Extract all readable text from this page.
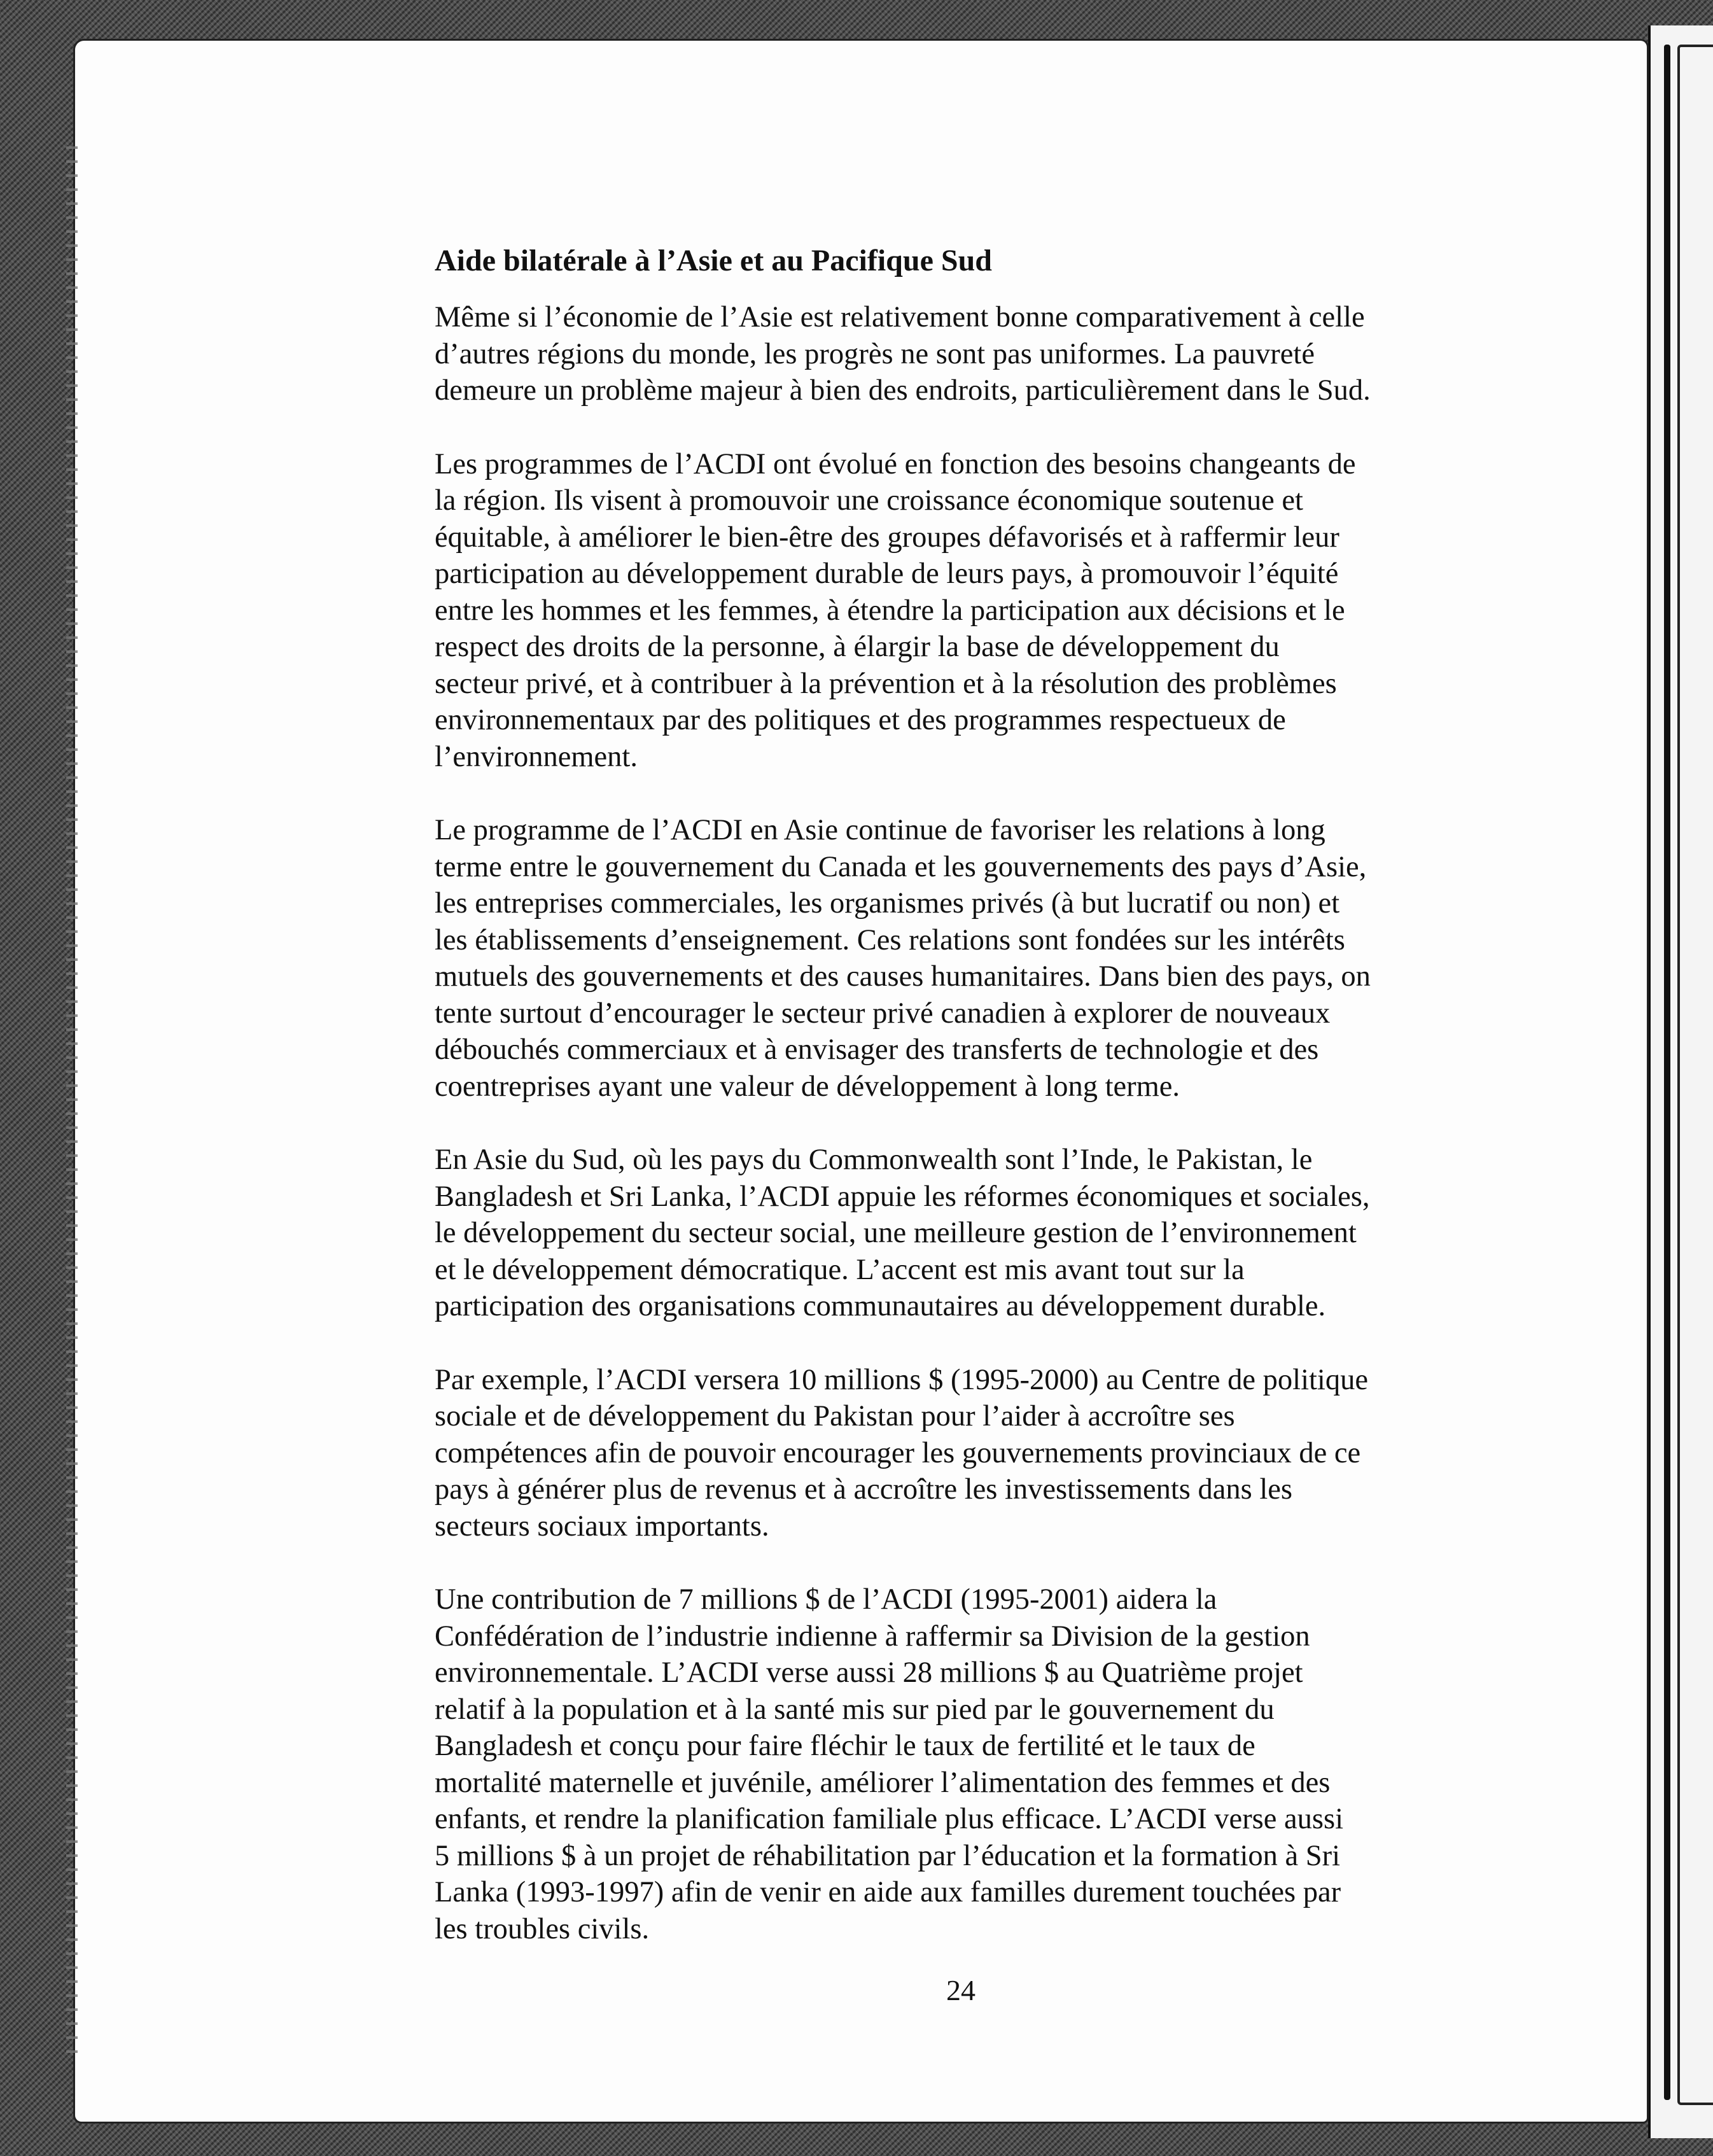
Aide bilatérale à l’Asie et au Pacifique Sud
Même si l’économie de l’Asie est relativement bonne comparativement à celle
d’autres régions du monde, les progrès ne sont pas uniformes. La pauvreté
demeure un problème majeur à bien des endroits, particulièrement dans le Sud.
Les programmes de l’ACDI ont évolué en fonction des besoins changeants de
la région. Ils visent à promouvoir une croissance économique soutenue et
équitable, à améliorer le bien-être des groupes défavorisés et à raffermir leur
participation au développement durable de leurs pays, à promouvoir l’équité
entre les hommes et les femmes, à étendre la participation aux décisions et le
respect des droits de la personne, à élargir la base de développement du
secteur privé, et à contribuer à la prévention et à la résolution des problèmes
environnementaux par des politiques et des programmes respectueux de
l’environnement.
Le programme de l’ACDI en Asie continue de favoriser les relations à long
terme entre le gouvernement du Canada et les gouvernements des pays d’Asie,
les entreprises commerciales, les organismes privés (à but lucratif ou non) et
les établissements d’enseignement. Ces relations sont fondées sur les intérêts
mutuels des gouvernements et des causes humanitaires. Dans bien des pays, on
tente surtout d’encourager le secteur privé canadien à explorer de nouveaux
débouchés commerciaux et à envisager des transferts de technologie et des
coentreprises ayant une valeur de développement à long terme.
En Asie du Sud, où les pays du Commonwealth sont l’Inde, le Pakistan, le
Bangladesh et Sri Lanka, l’ACDI appuie les réformes économiques et sociales,
le développement du secteur social, une meilleure gestion de l’environnement
et le développement démocratique. L’accent est mis avant tout sur la
participation des organisations communautaires au développement durable.
Par exemple, l’ACDI versera 10 millions $ (1995-2000) au Centre de politique
sociale et de développement du Pakistan pour l’aider à accroître ses
compétences afin de pouvoir encourager les gouvernements provinciaux de ce
pays à générer plus de revenus et à accroître les investissements dans les
secteurs sociaux importants.
Une contribution de 7 millions $ de l’ACDI (1995-2001) aidera la
Confédération de l’industrie indienne à raffermir sa Division de la gestion
environnementale. L’ACDI verse aussi 28 millions $ au Quatrième projet
relatif à la population et à la santé mis sur pied par le gouvernement du
Bangladesh et conçu pour faire fléchir le taux de fertilité et le taux de
mortalité maternelle et juvénile, améliorer l’alimentation des femmes et des
enfants, et rendre la planification familiale plus efficace. L’ACDI verse aussi
5 millions $ à un projet de réhabilitation par l’éducation et la formation à Sri
Lanka (1993-1997) afin de venir en aide aux familles durement touchées par
les troubles civils.
24
